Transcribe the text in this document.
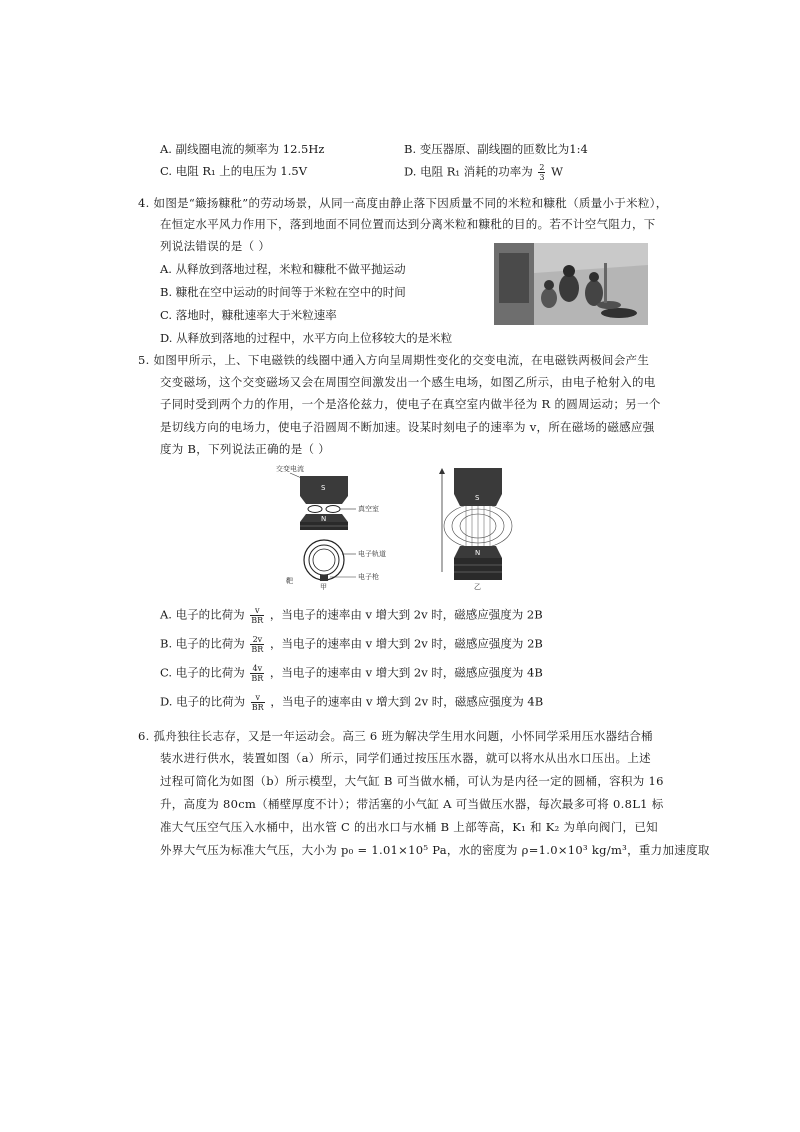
A. 副线圈电流的频率为 12.5Hz	B. 变压器原、副线圈的匝数比为1:4
C. 电阻 R₁ 上的电压为 1.5V	D. 电阻 R₁ 消耗的功率为 $\frac{2}{3}$ W
4. 如图是“簸扬糠秕”的劳动场景，从同一高度由静止落下因质量不同的米粒和糠秕（质量小于米粒），
在恒定水平风力作用下，落到地面不同位置而达到分离米粒和糠秕的目的。若不计空气阻力，下
列说法错误的是（ ）
A. 从释放到落地过程，米粒和糠秕不做平抛运动
B. 糠秕在空中运动的时间等于米粒在空中的时间
C. 落地时，糠秕速率大于米粒速率
D. 从释放到落地的过程中，水平方向上位移较大的是米粒
5. 如图甲所示，上、下电磁铁的线圈中通入方向呈周期性变化的交变电流，在电磁铁两极间会产生
交变磁场，这个交变磁场又会在周围空间激发出一个感生电场，如图乙所示，由电子枪射入的电
子同时受到两个力的作用，一个是洛伦兹力，使电子在真空室内做半径为 R 的圆周运动；另一个
是切线方向的电场力，使电子沿圆周不断加速。设某时刻电子的速率为 v，所在磁场的磁感应强
度为 B，下列说法正确的是（ ）
交变电流
S
真空室
N
电子轨道
电子枪
靶
甲
S
N
乙
A. 电子的比荷为 $\frac{v}{BR}$ ，当电子的速率由 v 增大到 2v 时，磁感应强度为 2B
B. 电子的比荷为 $\frac{2v}{BR}$ ，当电子的速率由 v 增大到 2v 时，磁感应强度为 2B
C. 电子的比荷为 $\frac{4v}{BR}$ ，当电子的速率由 v 增大到 2v 时，磁感应强度为 4B
D. 电子的比荷为 $\frac{v}{BR}$ ，当电子的速率由 v 增大到 2v 时，磁感应强度为 4B
6. 孤舟独往长志存，又是一年运动会。高三 6 班为解决学生用水问题，小怀同学采用压水器结合桶
装水进行供水，装置如图（a）所示，同学们通过按压压水器，就可以将水从出水口压出。上述
过程可简化为如图（b）所示模型，大气缸 B 可当做水桶，可认为是内径一定的圆桶，容积为 16
升，高度为 80cm（桶壁厚度不计）；带活塞的小气缸 A 可当做压水器，每次最多可将 0.8L1 标
准大气压空气压入水桶中，出水管 C 的出水口与水桶 B 上部等高，K₁ 和 K₂ 为单向阀门，已知
外界大气压为标准大气压，大小为 p₀ = 1.01×10⁵ Pa，水的密度为 ρ=1.0×10³ kg/m³，重力加速度取
